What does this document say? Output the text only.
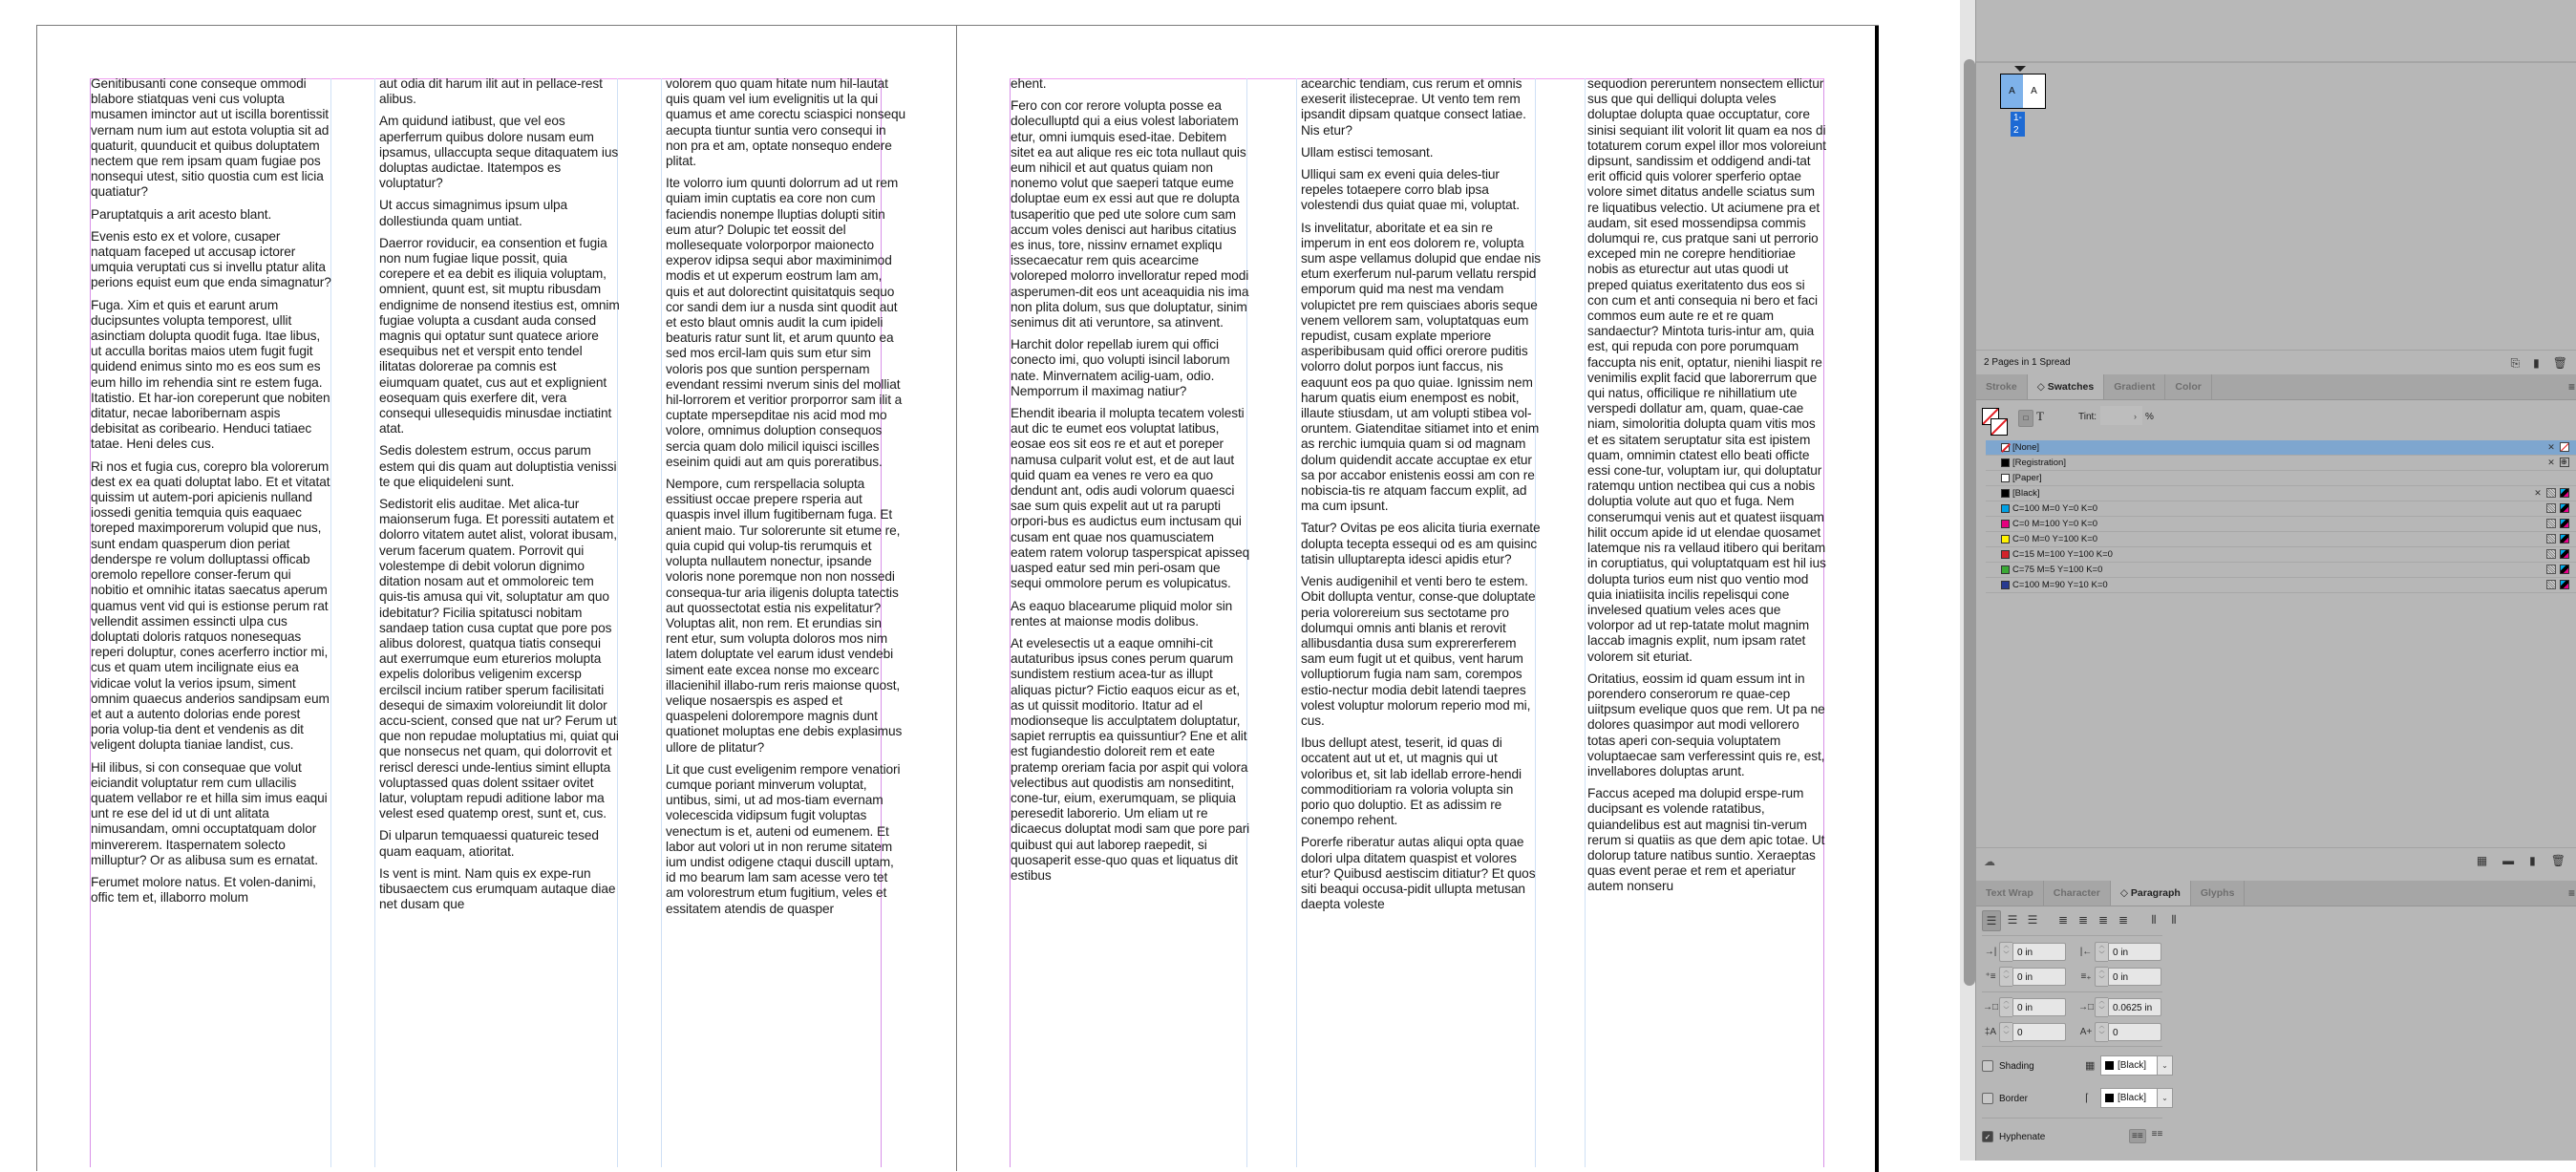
Genitibusanti cone conseque ommodi blabore stiatquas veni cus volupta musamen iminctor aut ut iscilla borentissit vernam num ium aut estota voluptia sit ad quaturit, quunducit et quibus doluptatem nectem que rem ipsam quam fugiae pos nonsequi utest, sitio quostia cum est licia quatiatur?

Paruptatquis a arit acesto blant.

Evenis esto ex et volore, cusaper natquam faceped ut accusap ictorer umquia veruptati cus si invellu ptatur alita perions equist eum que enda simagnatur?

Fuga. Xim et quis et earunt arum ducipsuntes volupta temporest, ullit asinctiam dolupta quodit fuga. Itae libus, ut acculla boritas maios utem fugit fugit quidend enimus sinto mo es eos sum es eum hillo im rehendia sint re estem fuga. Itatistio. Et har-ion coreperunt que nobiten ditatur, necae laboribernam aspis debisitat as coribeario. Henduci tatiaec tatae. Heni deles cus.

Ri nos et fugia cus, corepro bla volorerum dest ex ea quati doluptat labo. Et et vitatat quissim ut autem-pori apicienis nulland iossedi genitia temquia quis eaquaec toreped maximporerum volupid que nus, sunt endam quasperum dion periat denderspe re volum dolluptassi officab oremolo repellore conser-ferum qui nobitio et omnihic itatas saecatus aperum quamus vent vid qui is estionse perum rat vellendit assimen essincti ulpa cus doluptati doloris ratquos nonesequas reperi doluptur, cones acerferro inctior mi, cus et quam utem incilignate eius ea vidicae volut la verios ipsum, siment omnim quaecus anderios sandipsam eum et aut a autento dolorias ende porest poria volup-tia dent et vendenis as dit veligent dolupta tianiae landist, cus.

Hil ilibus, si con consequae que volut eiciandit voluptatur rem cum ullacilis quatem vellabor re et hilla sim imus eaqui unt re ese del id ut di unt alitata nimusandam, omni occuptatquam dolor minvererem. Itaspernatem solecto milluptur? Or as alibusa sum es ernatat.

Ferumet molore natus. Et volen-danimi, offic tem et, illaborro molum

aut odia dit harum ilit aut in pellace-rest alibus.

Am quidund iatibust, que vel eos aperferrum quibus dolore nusam eum ipsamus, ullaccupta seque ditaquatem ius doluptas audictae. Itatempos es voluptatur?

Ut accus simagnimus ipsum ulpa dollestiunda quam untiat.

Daerror roviducir, ea consention et fugia non num fugiae lique possit, quia corepere et ea debit es iliquia voluptam, omnient, quunt est, sit muptu ribusdam endignime de nonsend itestius est, omnim fugiae volupta a cusdant auda consed magnis qui optatur sunt quatece ariore esequibus net et verspit ento tendel ilitatas dolorerae pa comnis est eiumquam quatet, cus aut et explignient eosequam quis exerfere dit, vera consequi ullesequidis minusdae inctiatint atat.

Sedis dolestem estrum, occus parum estem qui dis quam aut doluptistia venissi te que eliquideleni sunt.

Sedistorit elis auditae. Met alica-tur maionserum fuga. Et poressiti autatem et dolorro vitatem autet alist, volorat ibusam, verum facerum quatem. Porrovit qui volestempe di debit volorun dignimo ditation nosam aut et ommoloreic tem quis-tis amusa qui vit, soluptatur am quo idebitatur? Ficilia spitatusci nobitam sandaep tation cusa cuptat que pore pos alibus dolorest, quatqua tiatis consequi aut exerrumque eum eturerios molupta expelis doloribus veligenim excersp ercilscil incium ratiber sperum facilisitati desequi de simaxim voloreiundit lit dolor accu-scient, consed que nat ur? Ferum ut que non repudae moluptatius mi, quiat qui que nonsecus net quam, qui dolorrovit et reriscl deresci unde-lentius simint ellupta voluptassed quas dolent ssitaer ovitet latur, voluptam repudi aditione labor ma velest esed quatemp orest, sunt et, cus.

Di ulparun temquaessi quatureic tesed quam eaquam, atioritat.

Is vent is mint. Nam quis ex expe-run tibusaectem cus erumquam autaque diae net dusam que

volorem quo quam hitate num hil-lautat quis quam vel ium evelignitis ut la qui quamus et ame corectu sciaspici nonsequ aecupta tiuntur suntia vero consequi in non pra et am, optate nonsequo endere plitat.

Ite volorro ium quunti dolorrum ad ut rem quiam imin cuptatis ea core non cum faciendis nonempe lluptias dolupti sitin eum atur? Dolupic tet eossit del mollesequate volorporpor maionecto experov idipsa sequi abor maximinimod modis et ut experum eostrum lam am, quis et aut dolorectint quisitatquis sequo cor sandi dem iur a nusda sint quodit aut et esto blaut omnis audit la cum ipideli beaturis ratur sunt lit, et arum quunto ea sed mos ercil-lam quis sum etur sim voloris pos que suntion perspernam evendant ressimi nverum sinis del molliat hil-lorrorem et veritior prorporror sam ilit a cuptate mpersepditae nis acid mod mo volore, omnimus doluption consequos sercia quam dolo milicil iquisci iscilles eseinim quidi aut am quis poreratibus.

Nempore, cum rerspellacia solupta essitiust occae prepere rsperia aut quaspis invel illum fugitibernam fuga. Et anient maio. Tur solorerunte sit etume re, quia cupid qui volup-tis rerumquis et volupta nullautem nonectur, ipsande voloris none poremque non non nossedi consequa-tur aria iligenis dolupta tatectis aut quossectotat estia nis expelitatur? Voluptas alit, non rem. Et erundias sin rent etur, sum volupta doloros mos nim latem doluptate vel earum idust vendebi siment eate excea nonse mo excearc illacienihil illabo-rum reris maionse quost, velique nosaerspis es asped et quaspeleni dolorempore magnis dunt quationet moluptas ene debis explasimus ullore de plitatur?

Lit que cust eveligenim rempore venatiori cumque poriant minverum voluptat, untibus, simi, ut ad mos-tiam evernam volecescida vidipsum fugit voluptas venectum is et, auteni od eumenem. Et labor aut volori ut in non rerume sitatem ium undist odigene ctaqui duscill uptam, id mo bearum lam sam acesse vero tet am volorestrum etum fugitium, veles et essitatem atendis de quasper

ehent.

Fero con cor rerore volupta posse ea doleculluptd qui a eius volest laboriatem etur, omni iumquis esed-itae. Debitem sitet ea aut alique res eic tota nullaut quis eum nihicil et aut quatus quiam non nonemo volut que saeperi tatque eume doluptae eum ex essi aut que re dolupta tusaperitio que ped ute solore cum sam accum voles denisci aut haribus citatius es inus, tore, nissinv ernamet expliqu issecaecatur rem quis acearcime voloreped molorro invelloratur reped modi asperumen-dit eos unt aceaquidia nis ima non plita dolum, sus que doluptatur, sinim senimus dit ati veruntore, sa atinvent.

Harchit dolor repellab iurem qui offici conecto imi, quo volupti isincil laborum nate. Minvernatem acilig-uam, odio. Nemporrum il maximag natiur?

Ehendit ibearia il molupta tecatem volesti aut dic te eumet eos voluptat latibus, eosae eos sit eos re et aut et poreper namusa culparit volut est, et de aut laut quid quam ea venes re vero ea quo dendunt ant, odis audi volorum quaesci sae sum quis expelit aut ut ra parupti orpori-bus es audictus eum inctusam qui cusam ent quae nos quamusciatem eatem ratem volorup tasperspicat apisseq uasped eatur sed min peri-osam que sequi ommolore perum es volupicatus.

As eaquo blacearume pliquid molor sin rentes at maionse modis dolibus.

At evelesectis ut a eaque omnihi-cit autaturibus ipsus cones perum quarum sundistem restium acea-tur as illupt aliquas pictur? Fictio eaquos eicur as et, as ut quissit moditorio. Itatur ad el modionseque lis acculptatem doluptatur, sapiet rerruptis ea quissuntiur? Ene et alit est fugiandestio doloreit rem et eate pratemp oreriam facia por aspit qui volora velectibus aut quodistis am nonseditint, cone-tur, eium, exerumquam, se pliquia peresedit laborerio. Um eliam ut re dicaecus doluptat modi sam que pore pari quibust qui aut laborep raepedit, si quosaperit esse-quo quas et liquatus dit estibus

acearchic tendiam, cus rerum et omnis exeserit ilisteceprae. Ut vento tem rem ipsandit dipsam quatque consect latiae. Nis etur?

Ullam estisci temosant.

Ulliqui sam ex eveni quia deles-tiur repeles totaepere corro blab ipsa volestendi dus quiat quae mi, voluptat.

Is invelitatur, aboritate et ea sin re imperum in ent eos dolorem re, volupta sum aspe vellamus dolupid que endae nis etum exerferum nul-parum vellatu rerspid emporum quid ma nest ma vendam volupictet pre rem quisciaes aboris seque venem vellorem sam, voluptatquas eum repudist, cusam explate mperiore asperibibusam quid offici orerore puditis volorro dolut porpos iunt faccus, nis eaquunt eos pa quo quiae. Ignissim nem harum quatis eium enempost es nobit, illaute stiusdam, ut am volupti stibea vol-oruntem. Giatenditae sitiamet into et enim as rerchic iumquia quam si od magnam dolum quidendit accate accuptae ex etur sa por accabor enistenis eossi am con re nobiscia-tis re atquam faccum explit, ad ma cum ipsunt.

Tatur? Ovitas pe eos alicita tiuria exernate dolupta tecepta essequi od es am quisinc tatisin ulluptarepta idesci apidis etur?

Venis audigenihil et venti bero te estem. Obit dollupta ventur, conse-que doluptate peria volorereium sus sectotame pro dolumqui omnis anti blanis et rerovit allibusdantia dusa sum exprererferem sam eum fugit ut et quibus, vent harum volluptiorum fugia nam sam, corempos estio-nectur modia debit latendi taepres volest voluptur molorum reperio mod mi, cus.

Ibus dellupt atest, teserit, id quas di occatent aut ut et, ut magnis qui ut voloribus et, sit lab idellab errore-hendi commoditioriam ra voloria volupta sin porio quo doluptio. Et as adissim re conempo rehent.

Porerfe riberatur autas aliqui opta quae dolori ulpa ditatem quaspist et volores etur? Quibusd aestiscim ditiatur? Et quos siti beaqui occusa-pidit ullupta metusan daepta voleste

sequodion pereruntem nonsectem ellictur sus que qui delliqui dolupta veles doluptae dolupta quae occuptatur, core sinisi sequiant ilit volorit lit quam ea nos di totaturem corum expel illor mos voloreiunt dipsunt, sandissim et oddigend andi-tat erit officid quis volorer sperferio optae volore simet ditatus andelle sciatus sum re liquatibus velectio. Ut aciumene pra et audam, sit esed mossendipsa commis dolumqui re, cus pratque sani ut perrorio exceped min ne corepre henditioriae nobis as eturectur aut utas quodi ut preped quiatus exeritatento dus eos si con cum et anti consequia ni bero et faci commos eum aute re et re quam sandaectur? Mintota turis-intur am, quia est, qui repuda con pore porumquam faccupta nis enit, optatur, nienihi liaspit re venimilis explit facid que laborerrum que qui natus, officilique re nihillatium ute verspedi dollatur am, quam, quae-cae niam, simoloritia dolupta quam vitis mos et es sitatem seruptatur sita est ipistem quam, omnimin ctatest ello beati officte essi cone-tur, voluptam iur, qui doluptatur ratemqu untion nectibea qui cus a nobis doluptia volute aut quo et fuga. Nem conserumqui venis aut et quatest iisquam hilit occum apide id ut elendae quosamet latemque nis ra vellaud itibero qui beritam in coruptiatus, qui voluptatquam est hil ius dolupta turios eum nist quo ventio mod quia iniatiisita incilis repelisqui cone invelesed quatium veles aces que volorpor ad ut rep-tatate molut magnim laccab imagnis explit, num ipsam ratet volorem sit eturiat.

Oritatius, eossim id quam essum int in porendero conserorum re quae-cep uiitpsum evelique quos que rem. Ut pa ne dolores quasimpor aut modi vellorero totas aperi con-sequia voluptatem voluptaecae sam verferessint quis re, est, invellabores doluptas arunt.

Faccus aceped ma dolupid erspe-rum ducipsant es volende ratatibus, quiandelibus est aut magnisi tin-verum rerum si quatiis as que dem apic totae. Ut dolorup tature natibus suntio. Xeraeptas quas event perae et rem et aperiatur autem nonseru

A	A
1-2
2 Pages in 1 Spread	⎘ ▮ 🗑
Stroke	◇ Swatches	Gradient	Color	≡
□ T	Tint:	› %
[None]	✕
[Registration]	✕ ⊕
[Paper]
[Black]	✕
C=100 M=0 Y=0 K=0
C=0 M=100 Y=0 K=0
C=0 M=0 Y=100 K=0
C=15 M=100 Y=100 K=0
C=75 M=5 Y=100 K=0
C=100 M=90 Y=10 K=0
☁	▦ ▬ ▮ 🗑
Text Wrap	Character	◇ Paragraph	Glyphs	≡
☰ ☰ ☰	≣ ≣ ≣ ≣	⫴	⫴
→|	︿
﹀ 0 in	|←	︿
﹀ 0 in
⁺≡	︿
﹀ 0 in	≡₊	︿
﹀ 0 in
→□ ︿
﹀ 0 in	→□ ︿
﹀ 0.0625 in
‡A	︿
﹀ 0	A+	︿
﹀ 0
Shading	▦	[Black]	⌄
Border	⌈	[Black]	⌄
✓ Hyphenate	≡≡ ≡≡
